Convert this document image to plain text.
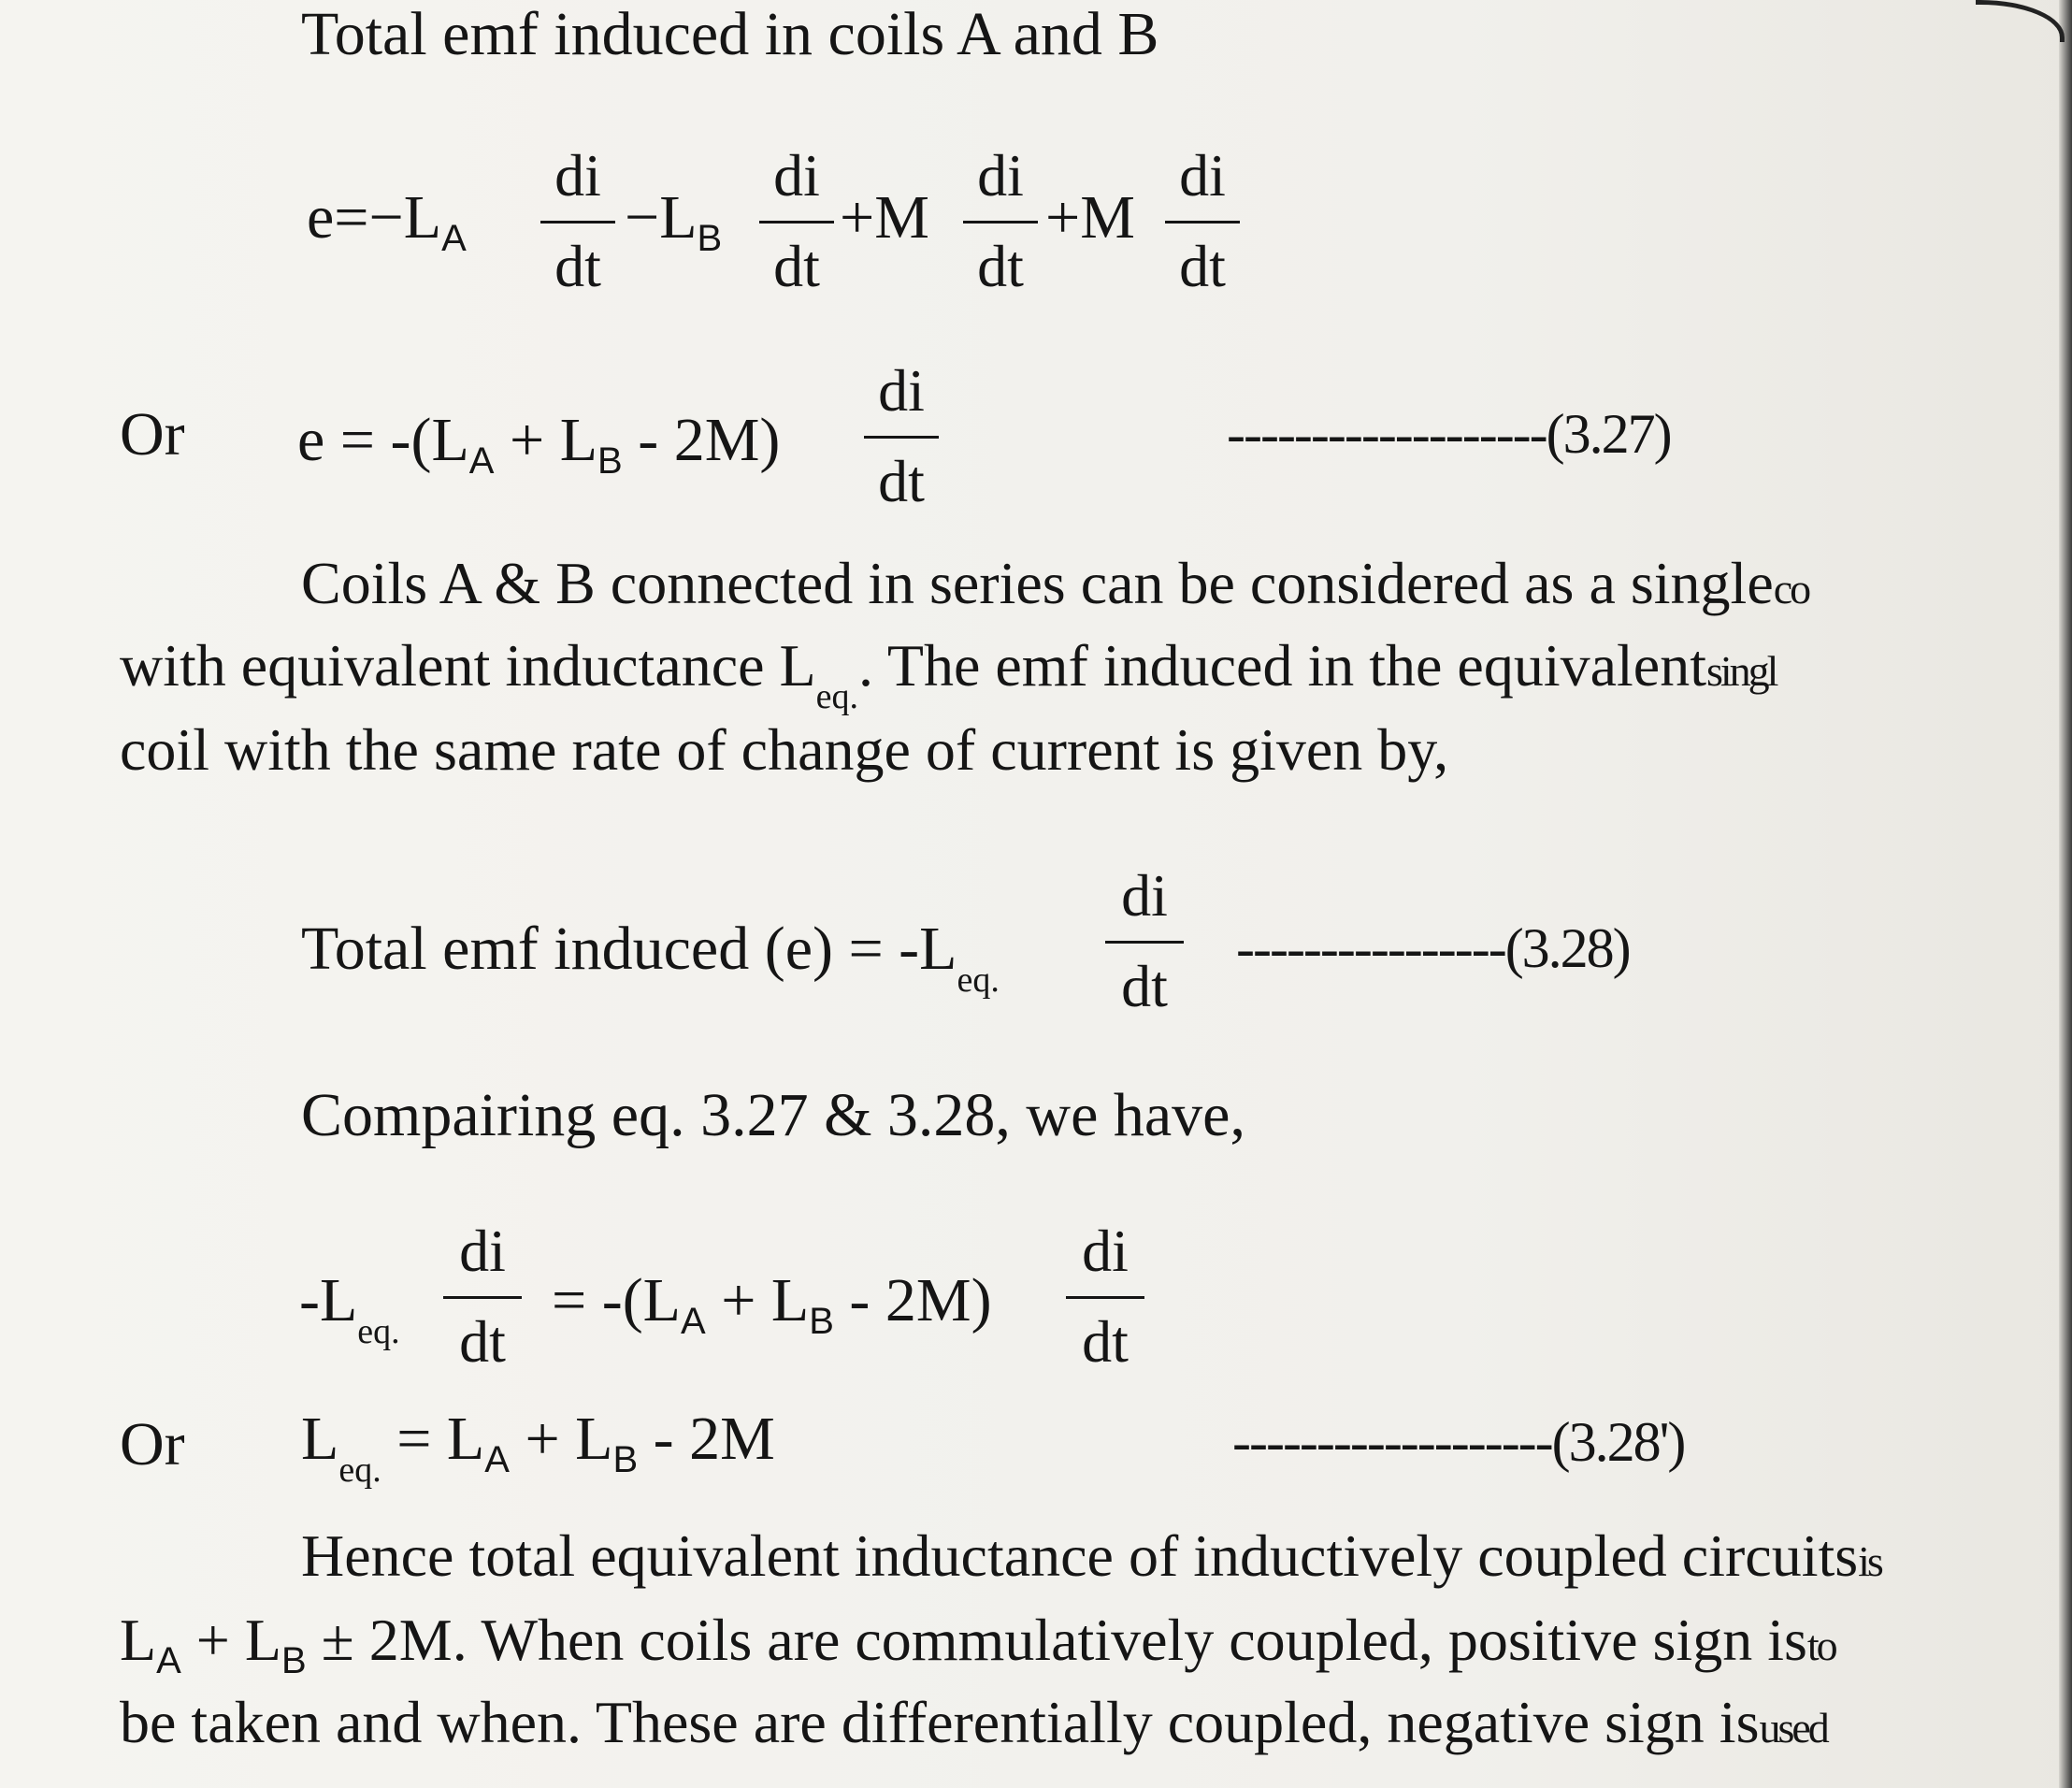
Total emf induced in coils A and B
$e=-L_A$
di
dt
$-L_B$
di
dt
+M
di
dt
+M
di
dt
Or $e = -(L_A + L_B - 2M)$
di
dt
-------------------(3.27)
Coils A & B connected in series can be considered as a singleco
with equivalent inductance $L_{eq.}$. The emf induced in the equivalentsingl
coil with the same rate of change of current is given by,
Total emf induced $(e) = -L_{eq.}$
di
dt
----------------(3.28)
Compairing eq. 3.27 & 3.28, we have,
$-L_{eq.}$
di
dt
= $-(L_A + L_B - 2M)$
di
dt
Or $L_{eq.} = L_A + L_B - 2M$	-------------------(3.28')
Hence total equivalent inductance of inductively coupled circuitsis
$L_A + L_B \pm 2M$. When coils are commulatively coupled, positive sign isto
be taken and when. These are differentially coupled, negative sign isused
